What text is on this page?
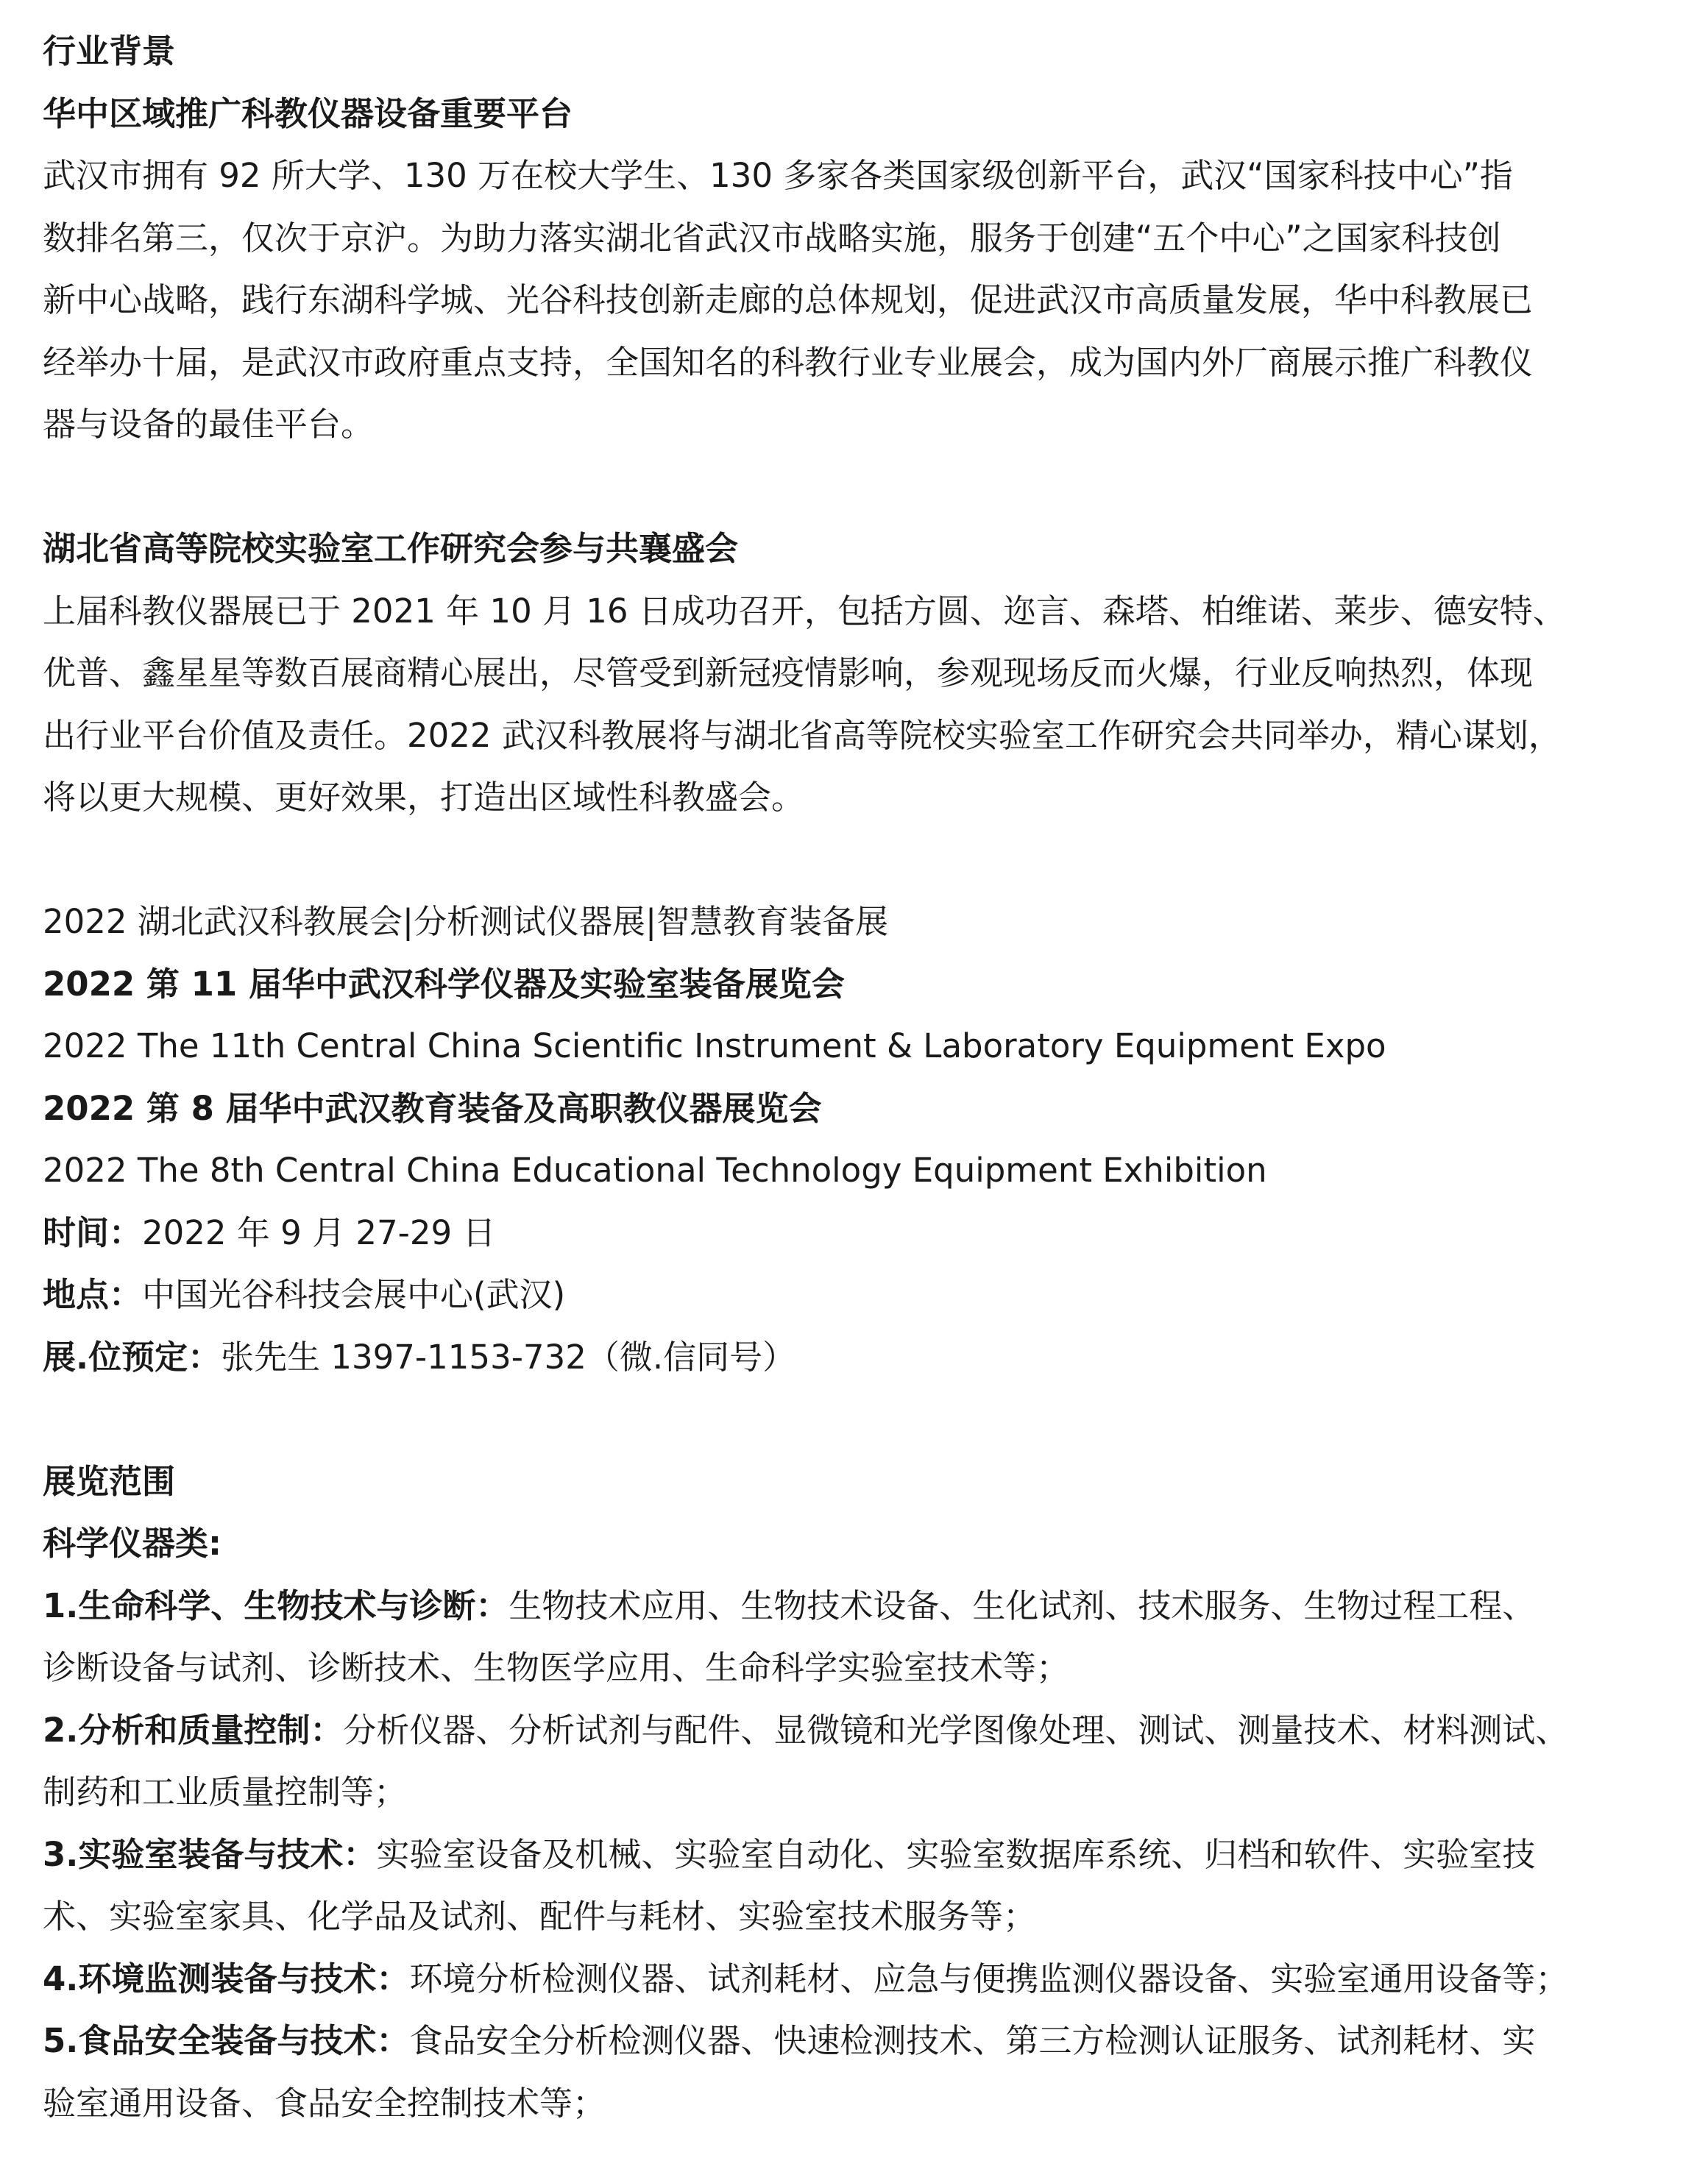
行业背景
华中区域推广科教仪器设备重要平台
武汉市拥有 92 所大学、130 万在校大学生、130 多家各类国家级创新平台，武汉“国家科技中心”指
数排名第三，仅次于京沪。为助力落实湖北省武汉市战略实施，服务于创建“五个中心”之国家科技创
新中心战略，践行东湖科学城、光谷科技创新走廊的总体规划，促进武汉市高质量发展，华中科教展已
经举办十届，是武汉市政府重点支持，全国知名的科教行业专业展会，成为国内外厂商展示推广科教仪
器与设备的最佳平台。
湖北省高等院校实验室工作研究会参与共襄盛会
上届科教仪器展已于 2021 年 10 月 16 日成功召开，包括方圆、迩言、森塔、柏维诺、莱步、德安特、
优普、鑫星星等数百展商精心展出，尽管受到新冠疫情影响，参观现场反而火爆，行业反响热烈，体现
出行业平台价值及责任。2022 武汉科教展将与湖北省高等院校实验室工作研究会共同举办，精心谋划，
将以更大规模、更好效果，打造出区域性科教盛会。
2022 湖北武汉科教展会|分析测试仪器展|智慧教育装备展
2022 第 11 届华中武汉科学仪器及实验室装备展览会
2022 The 11th Central China Scientific Instrument & Laboratory Equipment Expo
2022 第 8 届华中武汉教育装备及高职教仪器展览会
2022 The 8th Central China Educational Technology Equipment Exhibition
时间：2022 年 9 月 27-29 日
地点：中国光谷科技会展中心(武汉)
展.位预定：张先生 1397-1153-732（微.信同号）
展览范围
科学仪器类:
1.生命科学、生物技术与诊断：生物技术应用、生物技术设备、生化试剂、技术服务、生物过程工程、
诊断设备与试剂、诊断技术、生物医学应用、生命科学实验室技术等；
2.分析和质量控制：分析仪器、分析试剂与配件、显微镜和光学图像处理、测试、测量技术、材料测试、
制药和工业质量控制等；
3.实验室装备与技术：实验室设备及机械、实验室自动化、实验室数据库系统、归档和软件、实验室技
术、实验室家具、化学品及试剂、配件与耗材、实验室技术服务等；
4.环境监测装备与技术：环境分析检测仪器、试剂耗材、应急与便携监测仪器设备、实验室通用设备等；
5.食品安全装备与技术：食品安全分析检测仪器、快速检测技术、第三方检测认证服务、试剂耗材、实
验室通用设备、食品安全控制技术等；
